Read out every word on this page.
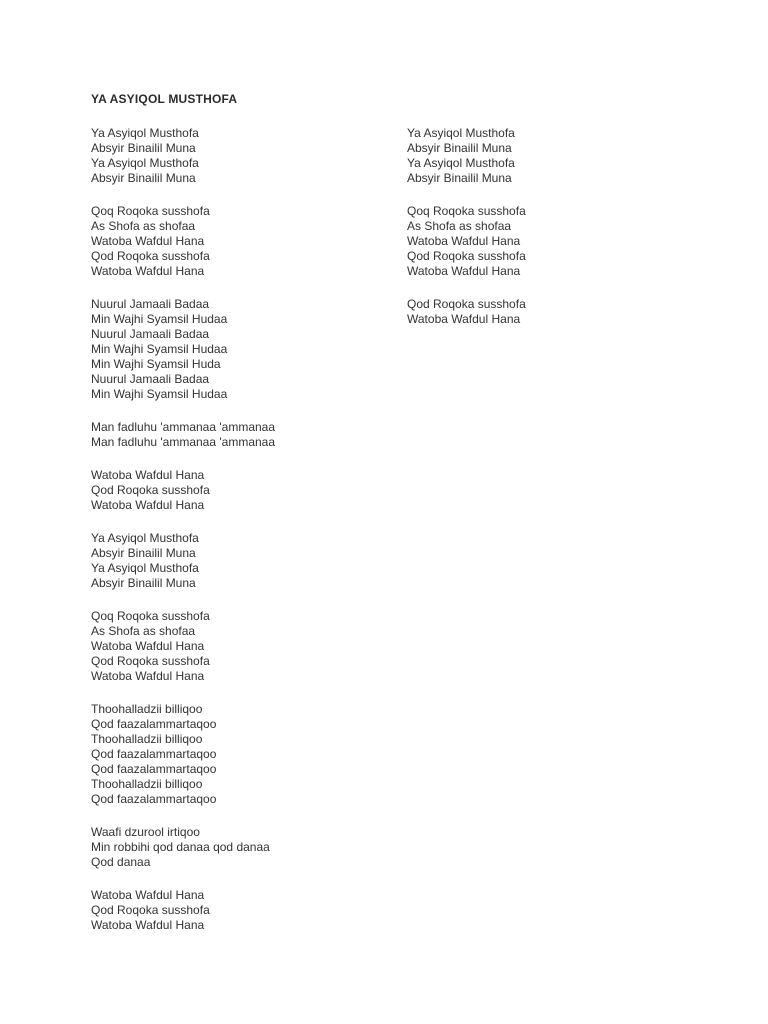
YA ASYIQOL MUSTHOFA
Ya Asyiqol Musthofa
Absyir Binailil Muna
Ya Asyiqol Musthofa
Absyir Binailil Muna
Qoq Roqoka susshofa
As Shofa as shofaa
Watoba Wafdul Hana
Qod Roqoka susshofa
Watoba Wafdul Hana
Nuurul Jamaali Badaa
Min Wajhi Syamsil Hudaa
Nuurul Jamaali Badaa
Min Wajhi Syamsil Hudaa
Min Wajhi Syamsil Huda
Nuurul Jamaali Badaa
Min Wajhi Syamsil Hudaa
Man fadluhu 'ammanaa 'ammanaa
Man fadluhu 'ammanaa 'ammanaa
Watoba Wafdul Hana
Qod Roqoka susshofa
Watoba Wafdul Hana
Ya Asyiqol Musthofa
Absyir Binailil Muna
Ya Asyiqol Musthofa
Absyir Binailil Muna
Qoq Roqoka susshofa
As Shofa as shofaa
Watoba Wafdul Hana
Qod Roqoka susshofa
Watoba Wafdul Hana
Thoohalladzii billiqoo
Qod faazalammartaqoo
Thoohalladzii billiqoo
Qod faazalammartaqoo
Qod faazalammartaqoo
Thoohalladzii billiqoo
Qod faazalammartaqoo
Waafi dzurool irtiqoo
Min robbihi qod danaa qod danaa
Qod danaa
Watoba Wafdul Hana
Qod Roqoka susshofa
Watoba Wafdul Hana
Ya Asyiqol Musthofa
Absyir Binailil Muna
Ya Asyiqol Musthofa
Absyir Binailil Muna
Qoq Roqoka susshofa
As Shofa as shofaa
Watoba Wafdul Hana
Qod Roqoka susshofa
Watoba Wafdul Hana
Qod Roqoka susshofa
Watoba Wafdul Hana
